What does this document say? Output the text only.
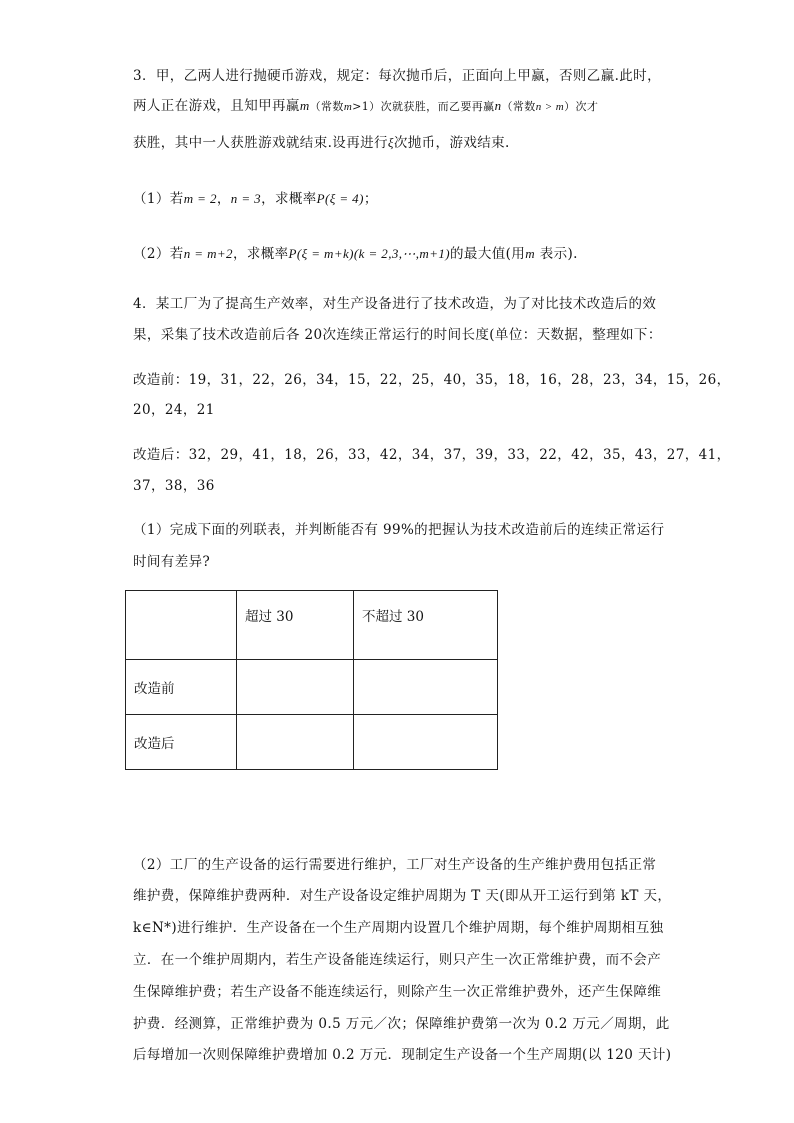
3．甲，乙两人进行抛硬币游戏，规定：每次抛币后，正面向上甲赢，否则乙赢.此时，
两人正在游戏，且知甲再赢m（常数m>1）次就获胜，而乙要再赢n（常数n > m）次才
获胜，其中一人获胜游戏就结束.设再进行ξ次抛币，游戏结束.
（1）若m = 2，n = 3，求概率P(ξ = 4)；
（2）若n = m+2，求概率P(ξ = m+k)(k = 2,3,⋯,m+1)的最大值(用m 表示).
4．某工厂为了提高生产效率，对生产设备进行了技术改造，为了对比技术改造后的效
果，采集了技术改造前后各 20次连续正常运行的时间长度(单位：天数据，整理如下：
改造前：19，31，22，26，34，15，22，25，40，35，18，16，28，23，34，15，26，
20，24，21
改造后：32，29，41，18，26，33，42，34，37，39，33，22，42，35，43，27，41，
37，38，36
（1）完成下面的列联表，并判断能否有 99%的把握认为技术改造前后的连续正常运行
时间有差异?
	超过 30	不超过 30
改造前		
改造后		
（2）工厂的生产设备的运行需要进行维护，工厂对生产设备的生产维护费用包括正常
维护费，保障维护费两种．对生产设备设定维护周期为 T 天(即从开工运行到第 kT 天，
k∈N*)进行维护．生产设备在一个生产周期内设置几个维护周期，每个维护周期相互独
立．在一个维护周期内，若生产设备能连续运行，则只产生一次正常维护费，而不会产
生保障维护费；若生产设备不能连续运行，则除产生一次正常维护费外，还产生保障维
护费．经测算，正常维护费为 0.5 万元／次；保障维护费第一次为 0.2 万元／周期，此
后每增加一次则保障维护费增加 0.2 万元．现制定生产设备一个生产周期(以 120 天计)
